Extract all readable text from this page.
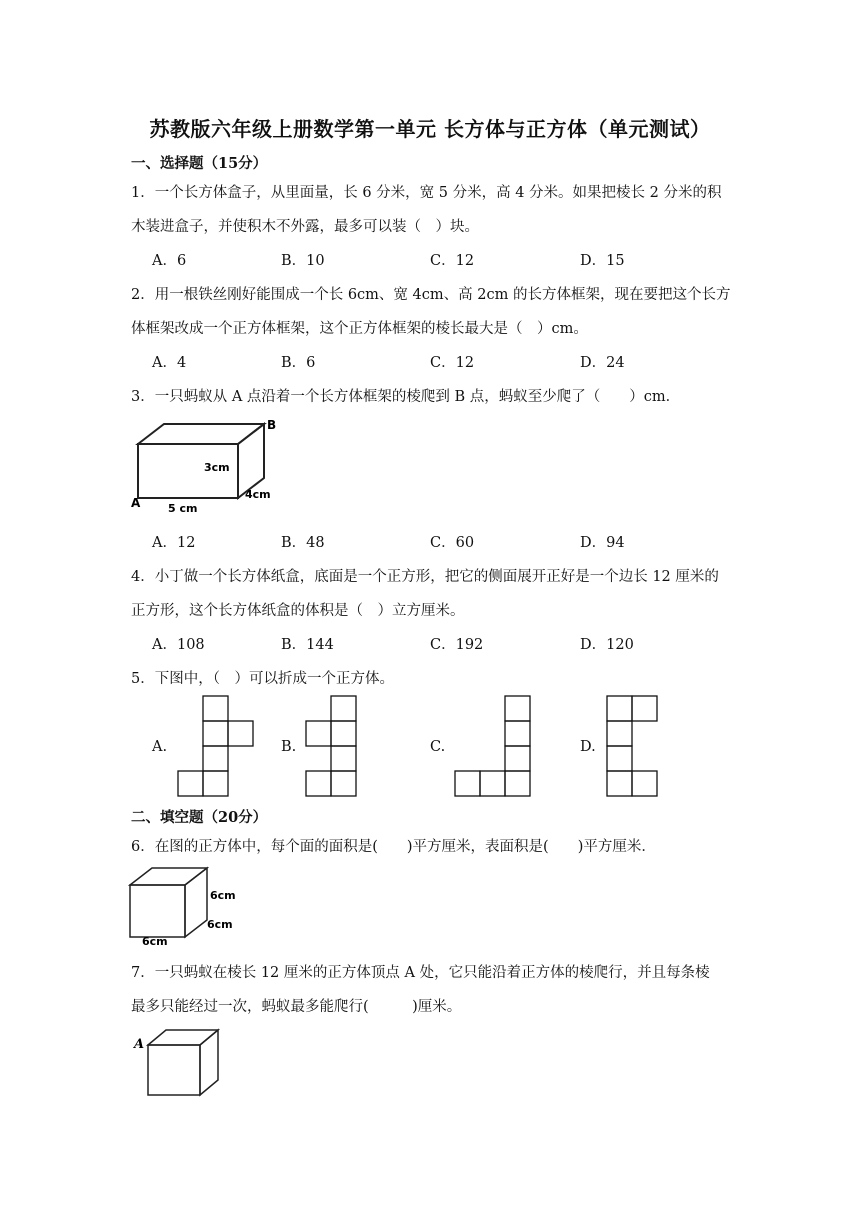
苏教版六年级上册数学第一单元 长方体与正方体（单元测试）
一、选择题（15分）
1．一个长方体盒子，从里面量，长 6 分米，宽 5 分米，高 4 分米。如果把棱长 2 分米的积
木装进盒子，并使积木不外露，最多可以装（　）块。
A．6	B．10	C．12	D．15
2．用一根铁丝刚好能围成一个长 6cm、宽 4cm、高 2cm 的长方体框架，现在要把这个长方
体框架改成一个正方体框架，这个正方体框架的棱长最大是（　）cm。
A．4	B．6	C．12	D．24
3．一只蚂蚁从 A 点沿着一个长方体框架的棱爬到 B 点，蚂蚁至少爬了（　　）cm．
A
B
3cm
4cm
5 cm
A．12	B．48	C．60	D．94
4．小丁做一个长方体纸盒，底面是一个正方形，把它的侧面展开正好是一个边长 12 厘米的
正方形，这个长方体纸盒的体积是（　）立方厘米。
A．108	B．144	C．192	D．120
5．下图中，（　）可以折成一个正方体。
A.	B.	C.	D.
二、填空题（20分）
6．在图的正方体中，每个面的面积是(　　)平方厘米，表面积是(　　)平方厘米．
6cm
6cm
6cm
7．一只蚂蚁在棱长 12 厘米的正方体顶点 A 处，它只能沿着正方体的棱爬行，并且每条棱
最多只能经过一次，蚂蚁最多能爬行(　　　)厘米。
A
